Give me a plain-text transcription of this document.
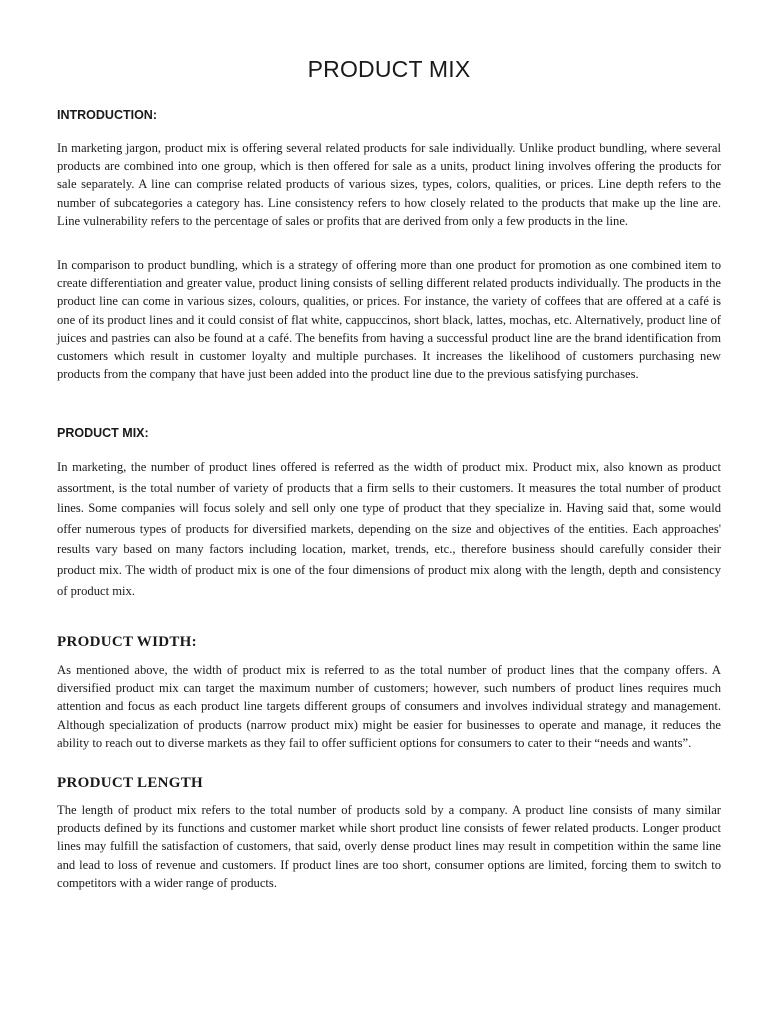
PRODUCT MIX
INTRODUCTION:

In marketing jargon, product mix is offering several related products for sale individually. Unlike product bundling, where several products are combined into one group, which is then offered for sale as a units, product lining involves offering the products for sale separately. A line can comprise related products of various sizes, types, colors, qualities, or prices. Line depth refers to the number of subcategories a category has. Line consistency refers to how closely related to the products that make up the line are. Line vulnerability refers to the percentage of sales or profits that are derived from only a few products in the line.

In comparison to product bundling, which is a strategy of offering more than one product for promotion as one combined item to create differentiation and greater value, product lining consists of selling different related products individually. The products in the product line can come in various sizes, colours, qualities, or prices. For instance, the variety of coffees that are offered at a café is one of its product lines and it could consist of flat white, cappuccinos, short black, lattes, mochas, etc. Alternatively, product line of juices and pastries can also be found at a café. The benefits from having a successful product line are the brand identification from customers which result in customer loyalty and multiple purchases. It increases the likelihood of customers purchasing new products from the company that have just been added into the product line due to the previous satisfying purchases.

PRODUCT MIX:

In marketing, the number of product lines offered is referred as the width of product mix. Product mix, also known as product assortment, is the total number of variety of products that a firm sells to their customers. It measures the total number of product lines. Some companies will focus solely and sell only one type of product that they specialize in. Having said that, some would offer numerous types of products for diversified markets, depending on the size and objectives of the entities. Each approaches' results vary based on many factors including location, market, trends, etc., therefore business should carefully consider their product mix. The width of product mix is one of the four dimensions of product mix along with the length, depth and consistency of product mix.

PRODUCT WIDTH:

As mentioned above, the width of product mix is referred to as the total number of product lines that the company offers. A diversified product mix can target the maximum number of customers; however, such numbers of product lines requires much attention and focus as each product line targets different groups of consumers and involves individual strategy and management. Although specialization of products (narrow product mix) might be easier for businesses to operate and manage, it reduces the ability to reach out to diverse markets as they fail to offer sufficient options for consumers to cater to their “needs and wants”.

PRODUCT LENGTH

The length of product mix refers to the total number of products sold by a company. A product line consists of many similar products defined by its functions and customer market while short product line consists of fewer related products. Longer product lines may fulfill the satisfaction of customers, that said, overly dense product lines may result in competition within the same line and lead to loss of revenue and customers. If product lines are too short, consumer options are limited, forcing them to switch to competitors with a wider range of products.
